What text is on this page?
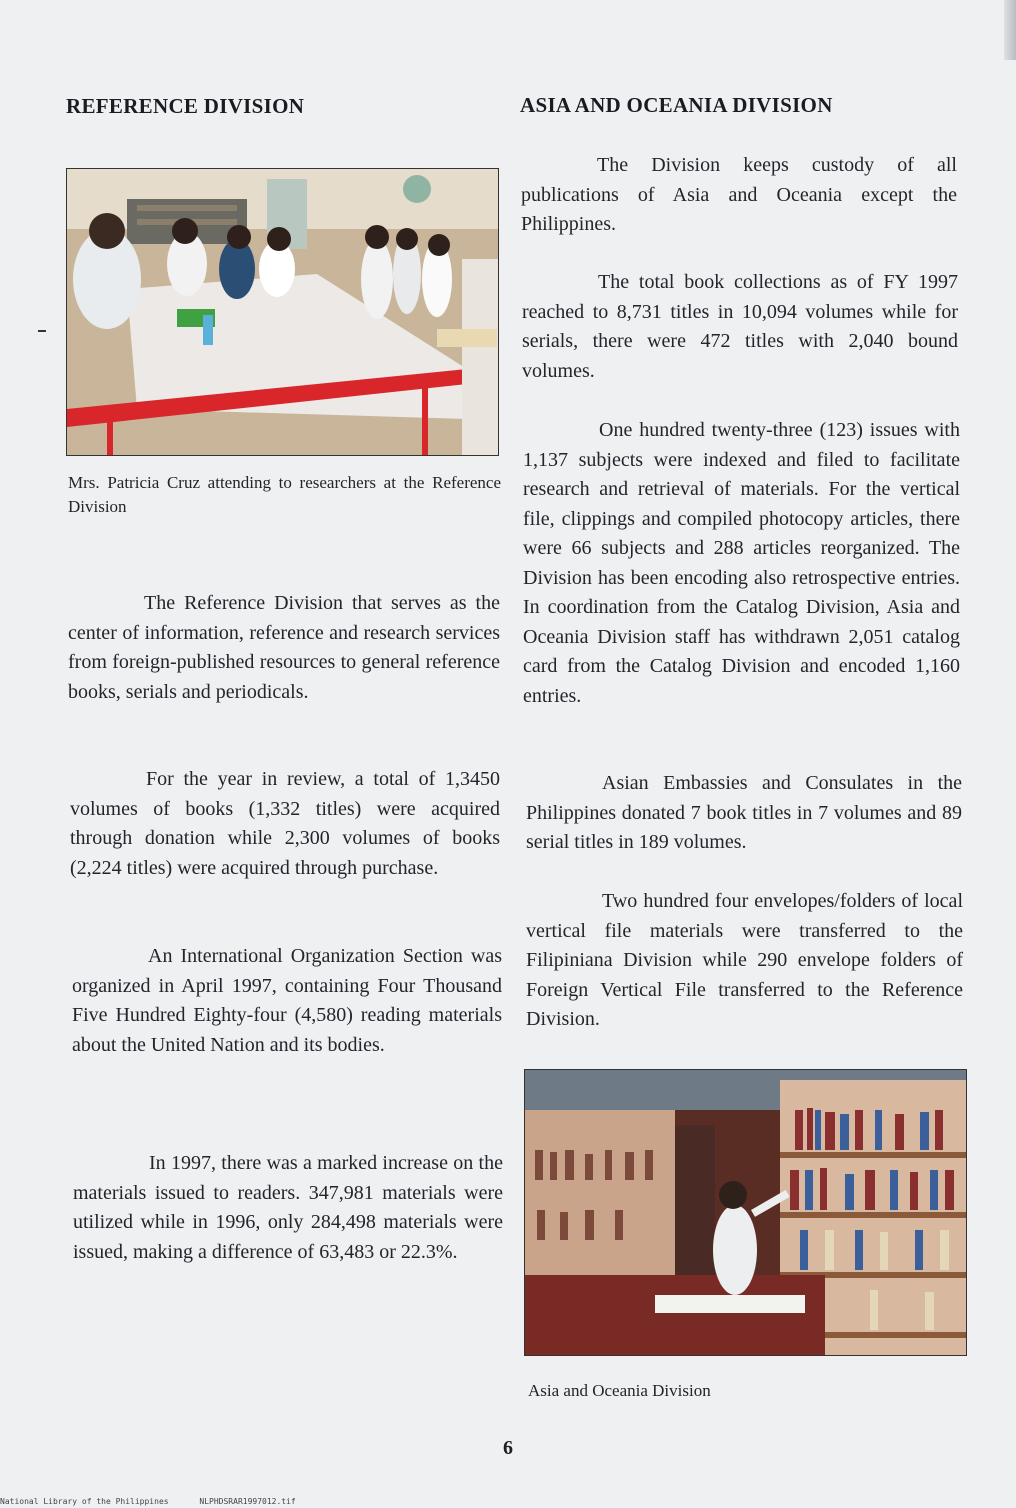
REFERENCE DIVISION
Mrs. Patricia Cruz attending to researchers at the Reference Division

The Reference Division that serves as the center of information, reference and research services from foreign-published resources to general reference books, serials and periodicals.

For the year in review, a total of 1,3450 volumes of books (1,332 titles) were acquired through donation while 2,300 volumes of books (2,224 titles) were acquired through purchase.

An International Organization Section was organized in April 1997, containing Four Thousand Five Hundred Eighty-four (4,580) reading materials about the United Nation and its bodies.

In 1997, there was a marked increase on the materials issued to readers. 347,981 materials were utilized while in 1996, only 284,498 materials were issued, making a difference of 63,483 or 22.3%.

ASIA AND OCEANIA DIVISION

The Division keeps custody of all publications of Asia and Oceania except the Philippines.

The total book collections as of FY 1997 reached to 8,731 titles in 10,094 volumes while for serials, there were 472 titles with 2,040 bound volumes.

One hundred twenty-three (123) issues with 1,137 subjects were indexed and filed to facilitate research and retrieval of materials. For the vertical file, clippings and compiled photocopy articles, there were 66 subjects and 288 articles reorganized. The Division has been encoding also retrospective entries. In coordination from the Catalog Division, Asia and Oceania Division staff has withdrawn 2,051 catalog card from the Catalog Division and encoded 1,160 entries.

Asian Embassies and Consulates in the Philippines donated 7 book titles in 7 volumes and 89 serial titles in 189 volumes.

Two hundred four envelopes/folders of local vertical file materials were transferred to the Filipiniana Division while 290 envelope folders of Foreign Vertical File transferred to the Reference Division.

Asia and Oceania Division
6
National Library of the Philippines	NLPHDSRAR1997012.tif
